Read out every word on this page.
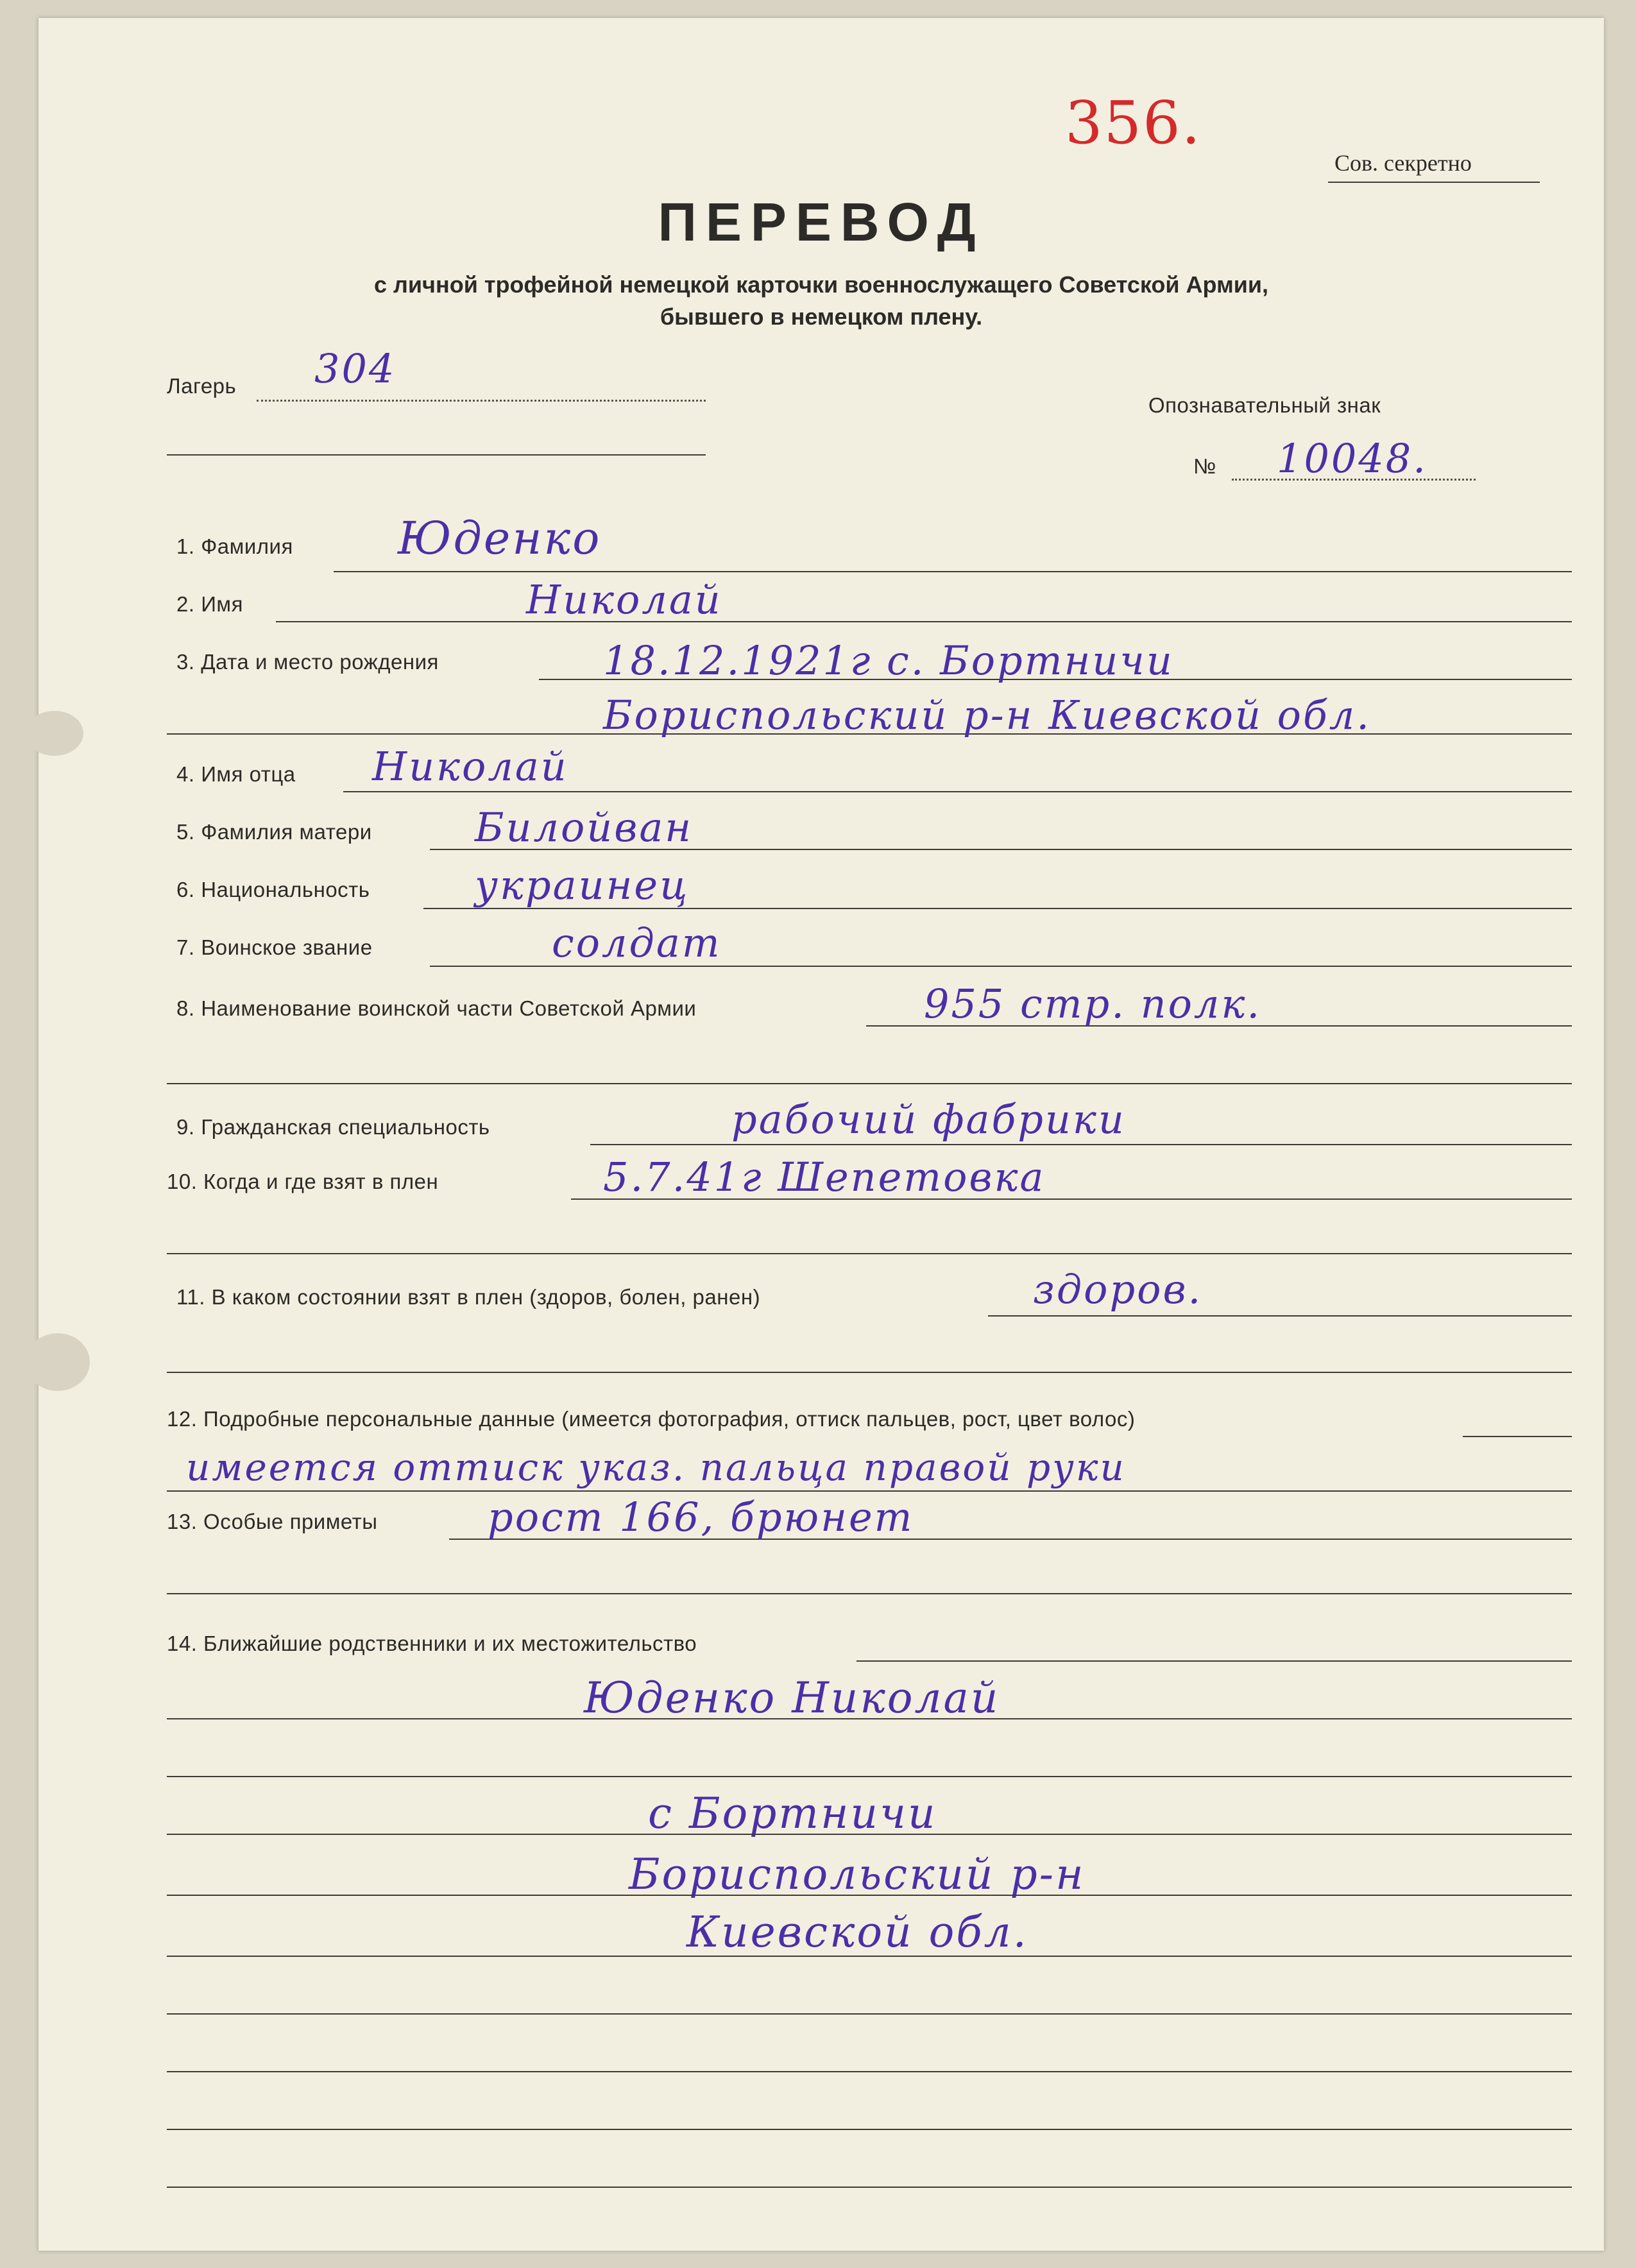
356.
Сов. секретно
ПЕРЕВОД
с личной трофейной немецкой карточки военнослужащего Советской Армии,
бывшего в немецком плену.
Лагерь 304
Опознавательный знак
№ 10048.
1. Фамилия Юденко
2. Имя	Николай
3. Дата и место рождения	18.12.1921г с. Бортничи
Бориспольский р-н Киевской обл.
4. Имя отца Николай
5. Фамилия матери	Билойван
6. Национальность	украинец
7. Воинское звание	солдат
8. Наименование воинской части Советской Армии	955 стр. полк.
9. Гражданская специальность	рабочий фабрики
10. Когда и где взят в плен	5.7.41г Шепетовка
11. В каком состоянии взят в плен (здоров, болен, ранен)	здоров.
12. Подробные персональные данные (имеется фотография, оттиск пальцев, рост, цвет волос)
имеется оттиск указ. пальца правой руки
13. Особые приметы	рост 166, брюнет
14. Ближайшие родственники и их местожительство
Юденко Николай
с Бортничи
Бориспольский р-н
Киевской обл.
